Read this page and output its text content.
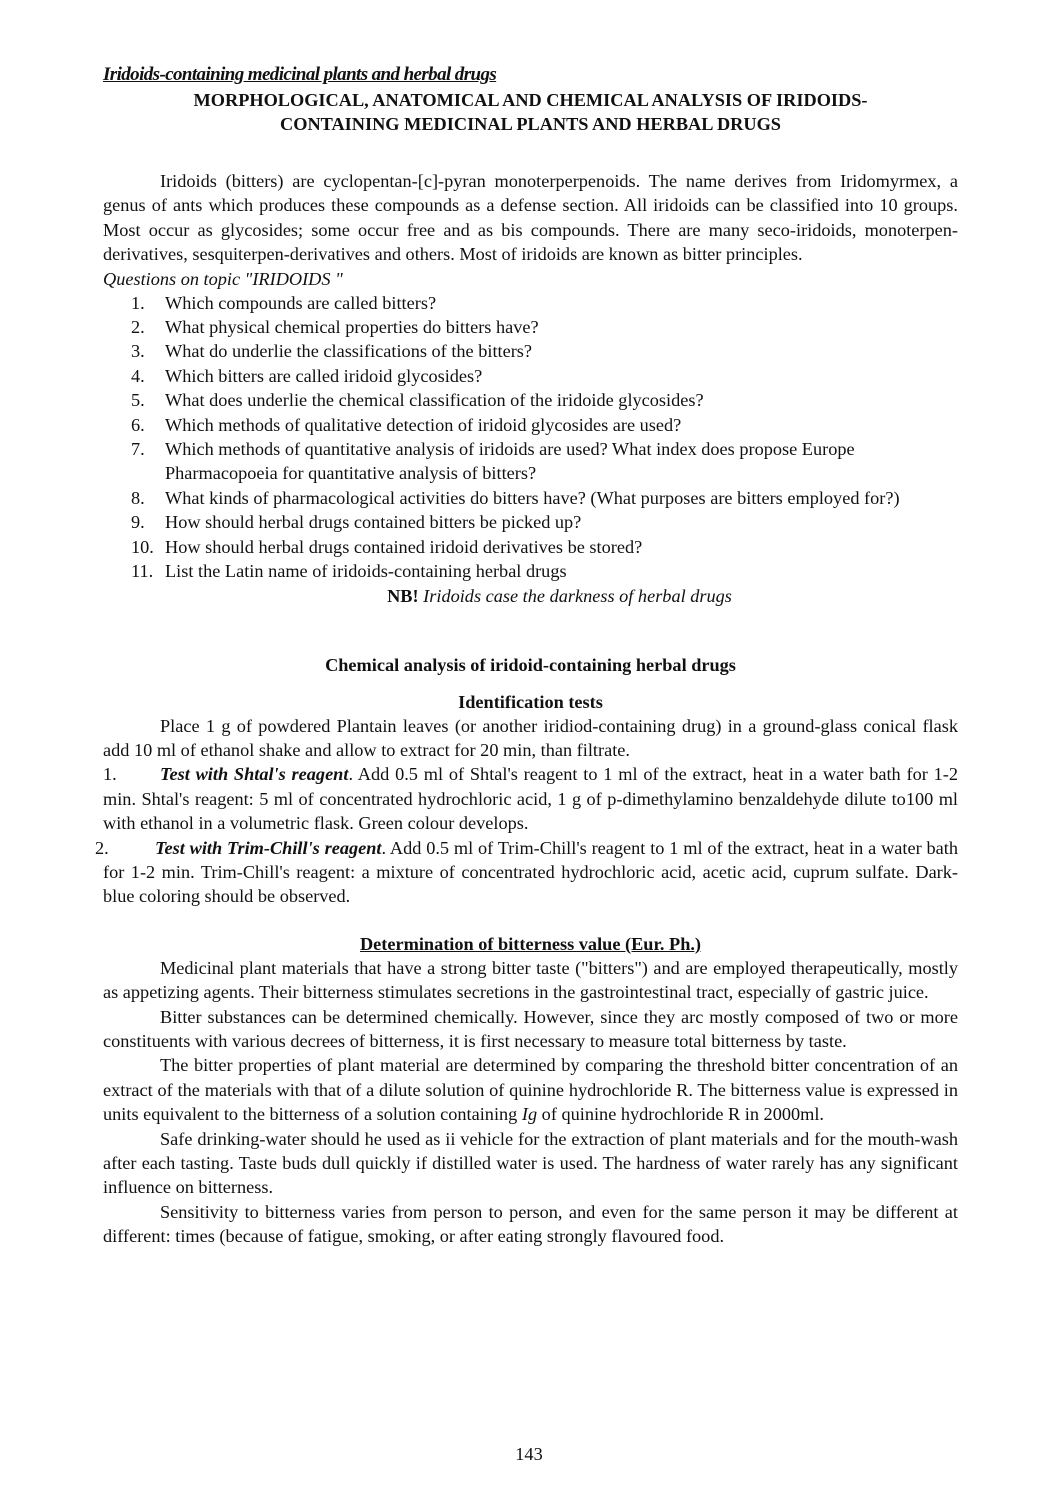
Iridoids-containing medicinal plants and herbal drugs

MORPHOLOGICAL, ANATOMICAL AND CHEMICAL ANALYSIS OF IRIDOIDS-
CONTAINING MEDICINAL PLANTS AND HERBAL DRUGS

Iridoids (bitters) are cyclopentan-[c]-pyran monoterperpenoids. The name derives from Iridomyrmex, a genus of ants which produces these compounds as a defense section. All iridoids can be classified into 10 groups. Most occur as glycosides; some occur free and as bis compounds. There are many seco-iridoids, monoterpen-derivatives, sesquiterpen-derivatives and others. Most of iridoids are known as bitter principles.

Questions on topic "IRIDOIDS "

1.	Which compounds are called bitters?
2.	What physical chemical properties do bitters have?
3.	What do underlie the classifications of the bitters?
4.	Which bitters are called iridoid glycosides?
5.	What does underlie the chemical classification of the iridoide glycosides?
6.	Which methods of qualitative detection of iridoid glycosides are used?
7.	Which methods of quantitative analysis of iridoids are used? What index does propose Europe Pharmacopoeia for quantitative analysis of bitters?
8.	What kinds of pharmacological activities do bitters have? (What purposes are bitters employed for?)
9.	How should herbal drugs contained bitters be picked up?
10. How should herbal drugs contained iridoid derivatives be stored?
11. List the Latin name of iridoids-containing herbal drugs
NB! Iridoids case the darkness of herbal drugs

Chemical analysis of iridoid-containing herbal drugs

Identification tests

Place 1 g of powdered Plantain leaves (or another iridiod-containing drug) in a ground-glass conical flask add 10 ml of ethanol shake and allow to extract for 20 min, than filtrate.

1. Test with Shtal's reagent. Add 0.5 ml of Shtal's reagent to 1 ml of the extract, heat in a water bath for 1-2 min. Shtal's reagent: 5 ml of concentrated hydrochloric acid, 1 g of p-dimethylamino benzaldehyde dilute to100 ml with ethanol in a volumetric flask. Green colour develops.

2.	Test with Trim-Chill's reagent. Add 0.5 ml of Trim-Chill's reagent to 1 ml of the extract, heat in a water bath for 1-2 min. Trim-Chill's reagent: a mixture of concentrated hydrochloric acid, acetic acid, cuprum sulfate. Dark-blue coloring should be observed.

Determination of bitterness value (Eur. Ph.)

Medicinal plant materials that have a strong bitter taste ("bitters") and are employed therapeutically, mostly as appetizing agents. Their bitterness stimulates secretions in the gastrointestinal tract, especially of gastric juice.

Bitter substances can be determined chemically. However, since they arc mostly composed of two or more constituents with various decrees of bitterness, it is first necessary to measure total bitterness by taste.

The bitter properties of plant material are determined by comparing the threshold bitter concentration of an extract of the materials with that of a dilute solution of quinine hydrochloride R. The bitterness value is expressed in units equivalent to the bitterness of a solution containing Ig of quinine hydrochloride R in 2000ml.

Safe drinking-water should he used as ii vehicle for the extraction of plant materials and for the mouth-wash after each tasting. Taste buds dull quickly if distilled water is used. The hardness of water rarely has any significant influence on bitterness.

Sensitivity to bitterness varies from person to person, and even for the same person it may be different at different: times (because of fatigue, smoking, or after eating strongly flavoured food.

143
